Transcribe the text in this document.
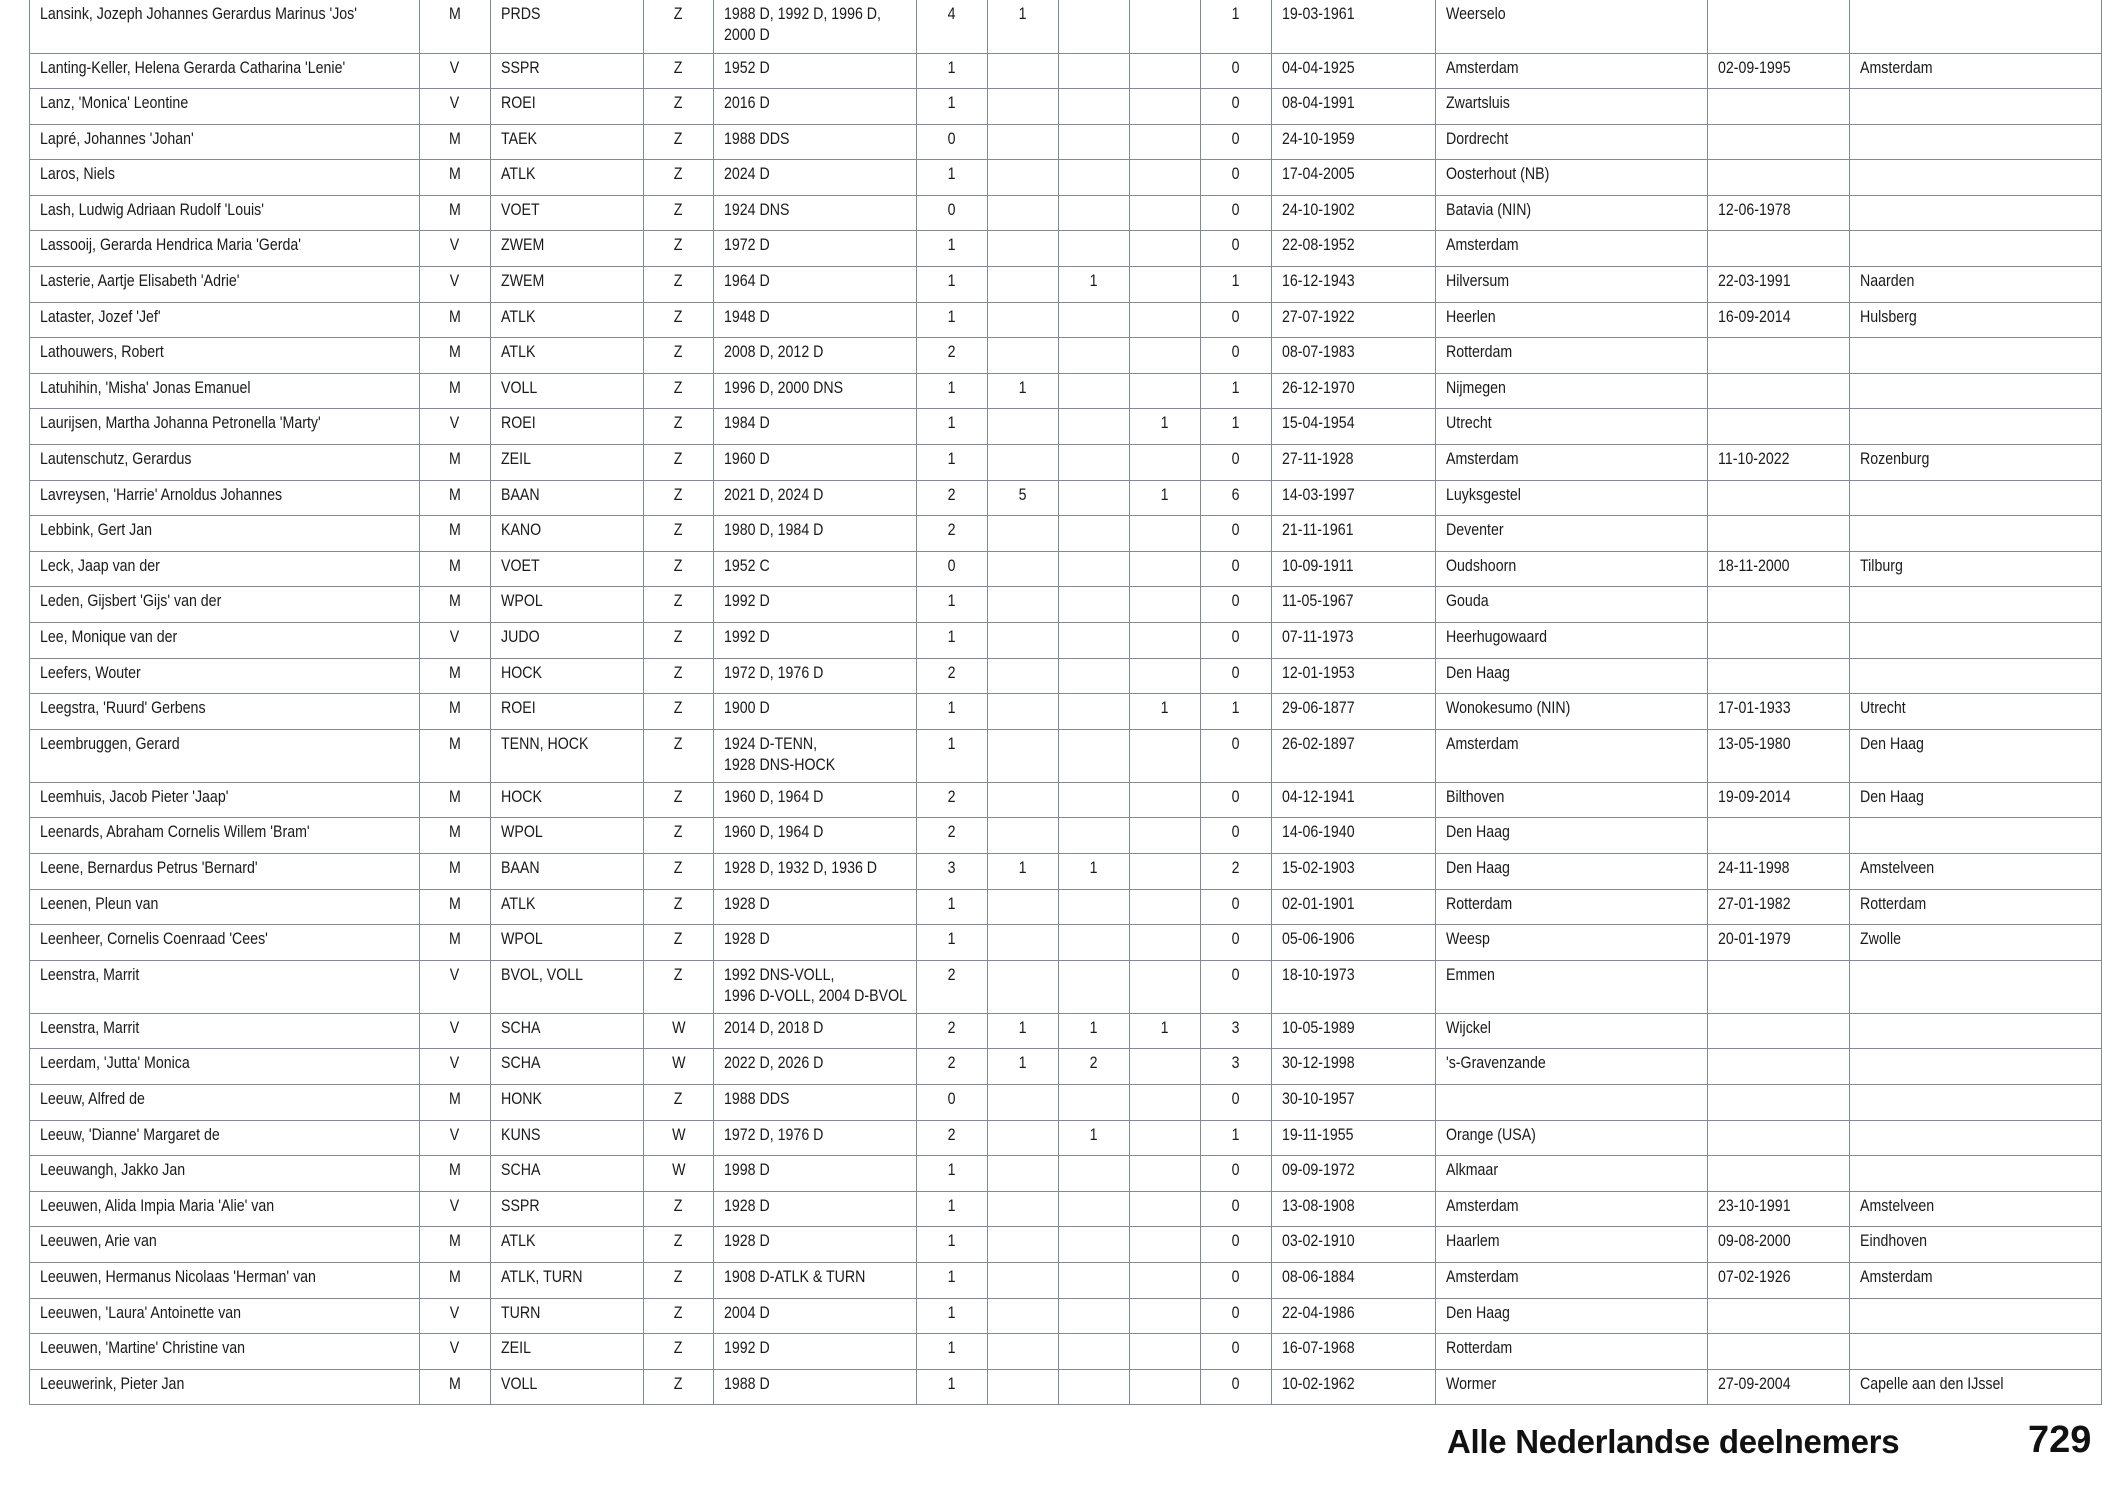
Lansink, Jozeph Johannes Gerardus Marinus 'Jos'	M	PRDS	Z	1988 D, 1992 D, 1996 D,
2000 D	4	1			1	19-03-1961	Weerselo		
Lanting-Keller, Helena Gerarda Catharina 'Lenie'	V	SSPR	Z	1952 D	1				0	04-04-1925	Amsterdam	02-09-1995	Amsterdam
Lanz, 'Monica' Leontine	V	ROEI	Z	2016 D	1				0	08-04-1991	Zwartsluis		
Lapré, Johannes 'Johan'	M	TAEK	Z	1988 DDS	0				0	24-10-1959	Dordrecht		
Laros, Niels	M	ATLK	Z	2024 D	1				0	17-04-2005	Oosterhout (NB)		
Lash, Ludwig Adriaan Rudolf 'Louis'	M	VOET	Z	1924 DNS	0				0	24-10-1902	Batavia (NIN)	12-06-1978	
Lassooij, Gerarda Hendrica Maria 'Gerda'	V	ZWEM	Z	1972 D	1				0	22-08-1952	Amsterdam		
Lasterie, Aartje Elisabeth 'Adrie'	V	ZWEM	Z	1964 D	1		1		1	16-12-1943	Hilversum	22-03-1991	Naarden
Lataster, Jozef 'Jef'	M	ATLK	Z	1948 D	1				0	27-07-1922	Heerlen	16-09-2014	Hulsberg
Lathouwers, Robert	M	ATLK	Z	2008 D, 2012 D	2				0	08-07-1983	Rotterdam		
Latuhihin, 'Misha' Jonas Emanuel	M	VOLL	Z	1996 D, 2000 DNS	1	1			1	26-12-1970	Nijmegen		
Laurijsen, Martha Johanna Petronella 'Marty'	V	ROEI	Z	1984 D	1			1	1	15-04-1954	Utrecht		
Lautenschutz, Gerardus	M	ZEIL	Z	1960 D	1				0	27-11-1928	Amsterdam	11-10-2022	Rozenburg
Lavreysen, 'Harrie' Arnoldus Johannes	M	BAAN	Z	2021 D, 2024 D	2	5		1	6	14-03-1997	Luyksgestel		
Lebbink, Gert Jan	M	KANO	Z	1980 D, 1984 D	2				0	21-11-1961	Deventer		
Leck, Jaap van der	M	VOET	Z	1952 C	0				0	10-09-1911	Oudshoorn	18-11-2000	Tilburg
Leden, Gijsbert 'Gijs' van der	M	WPOL	Z	1992 D	1				0	11-05-1967	Gouda		
Lee, Monique van der	V	JUDO	Z	1992 D	1				0	07-11-1973	Heerhugowaard		
Leefers, Wouter	M	HOCK	Z	1972 D, 1976 D	2				0	12-01-1953	Den Haag		
Leegstra, 'Ruurd' Gerbens	M	ROEI	Z	1900 D	1			1	1	29-06-1877	Wonokesumo (NIN)	17-01-1933	Utrecht
Leembruggen, Gerard	M	TENN, HOCK	Z	1924 D-TENN,
1928 DNS-HOCK	1				0	26-02-1897	Amsterdam	13-05-1980	Den Haag
Leemhuis, Jacob Pieter 'Jaap'	M	HOCK	Z	1960 D, 1964 D	2				0	04-12-1941	Bilthoven	19-09-2014	Den Haag
Leenards, Abraham Cornelis Willem 'Bram'	M	WPOL	Z	1960 D, 1964 D	2				0	14-06-1940	Den Haag		
Leene, Bernardus Petrus 'Bernard'	M	BAAN	Z	1928 D, 1932 D, 1936 D	3	1	1		2	15-02-1903	Den Haag	24-11-1998	Amstelveen
Leenen, Pleun van	M	ATLK	Z	1928 D	1				0	02-01-1901	Rotterdam	27-01-1982	Rotterdam
Leenheer, Cornelis Coenraad 'Cees'	M	WPOL	Z	1928 D	1				0	05-06-1906	Weesp	20-01-1979	Zwolle
Leenstra, Marrit	V	BVOL, VOLL	Z	1992 DNS-VOLL,
1996 D-VOLL, 2004 D-BVOL	2				0	18-10-1973	Emmen		
Leenstra, Marrit	V	SCHA	W	2014 D, 2018 D	2	1	1	1	3	10-05-1989	Wijckel		
Leerdam, 'Jutta' Monica	V	SCHA	W	2022 D, 2026 D	2	1	2		3	30-12-1998	's-Gravenzande		
Leeuw, Alfred de	M	HONK	Z	1988 DDS	0				0	30-10-1957			
Leeuw, 'Dianne' Margaret de	V	KUNS	W	1972 D, 1976 D	2		1		1	19-11-1955	Orange (USA)		
Leeuwangh, Jakko Jan	M	SCHA	W	1998 D	1				0	09-09-1972	Alkmaar		
Leeuwen, Alida Impia Maria 'Alie' van	V	SSPR	Z	1928 D	1				0	13-08-1908	Amsterdam	23-10-1991	Amstelveen
Leeuwen, Arie van	M	ATLK	Z	1928 D	1				0	03-02-1910	Haarlem	09-08-2000	Eindhoven
Leeuwen, Hermanus Nicolaas 'Herman' van	M	ATLK, TURN	Z	1908 D-ATLK & TURN	1				0	08-06-1884	Amsterdam	07-02-1926	Amsterdam
Leeuwen, 'Laura' Antoinette van	V	TURN	Z	2004 D	1				0	22-04-1986	Den Haag		
Leeuwen, 'Martine' Christine van	V	ZEIL	Z	1992 D	1				0	16-07-1968	Rotterdam		
Leeuwerink, Pieter Jan	M	VOLL	Z	1988 D	1				0	10-02-1962	Wormer	27-09-2004	Capelle aan den IJssel
Alle Nederlandse deelnemers	729
